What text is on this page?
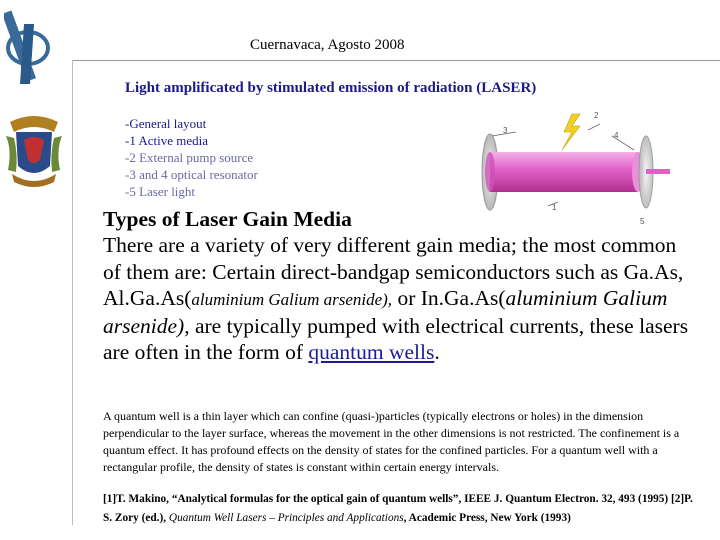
Cuernavaca, Agosto 2008
Light amplificated by stimulated emission of radiation (LASER)
-General layout
-1 Active media
-2 External pump source
-3 and 4 optical resonator
-5 Laser light
1
2
3
4
5
Types of Laser Gain Media
There are a variety of very different gain media; the most common of them are: Certain direct-bandgap semiconductors such as Ga.As, Al.Ga.As(aluminium Galium arsenide), or In.Ga.As(aluminium Galium arsenide), are typically pumped with electrical currents, these lasers are often in the form of quantum wells.
A quantum well is a thin layer which can confine (quasi-)particles (typically electrons or holes) in the dimension perpendicular to the layer surface, whereas the movement in the other dimensions is not restricted. The confinement is a quantum effect. It has profound effects on the density of states for the confined particles. For a quantum well with a rectangular profile, the density of states is constant within certain energy intervals.
[1]T. Makino, “Analytical formulas for the optical gain of quantum wells”, IEEE J. Quantum Electron. 32, 493 (1995) [2]P. S. Zory (ed.), Quantum Well Lasers – Principles and Applications, Academic Press, New York (1993)
